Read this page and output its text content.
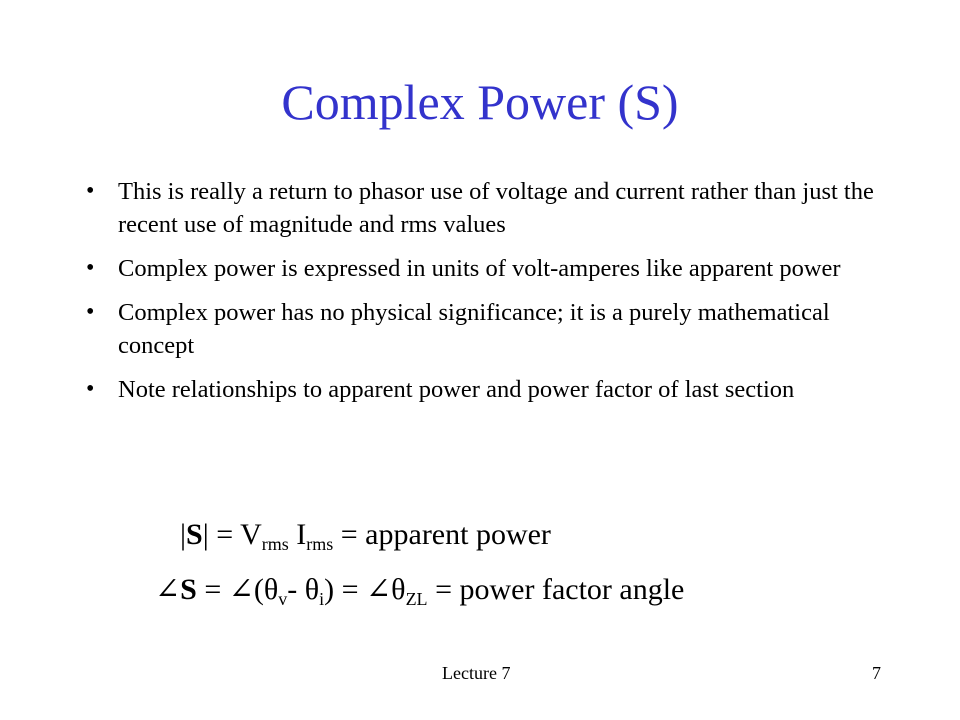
Complex Power (S)
• This is really a return to phasor use of voltage and current rather than just the recent use of magnitude and rms values
• Complex power is expressed in units of volt-amperes like apparent power
• Complex power has no physical significance; it is a purely mathematical concept
• Note relationships to apparent power and power factor of last section
$|S| = V_{rms}$ $I_{rms}$ = apparent power
∠S = $\angle(\theta_v-$ $\theta_i$) = $\angle\theta_{ZL}$ = power factor angle
Lecture 7	7
